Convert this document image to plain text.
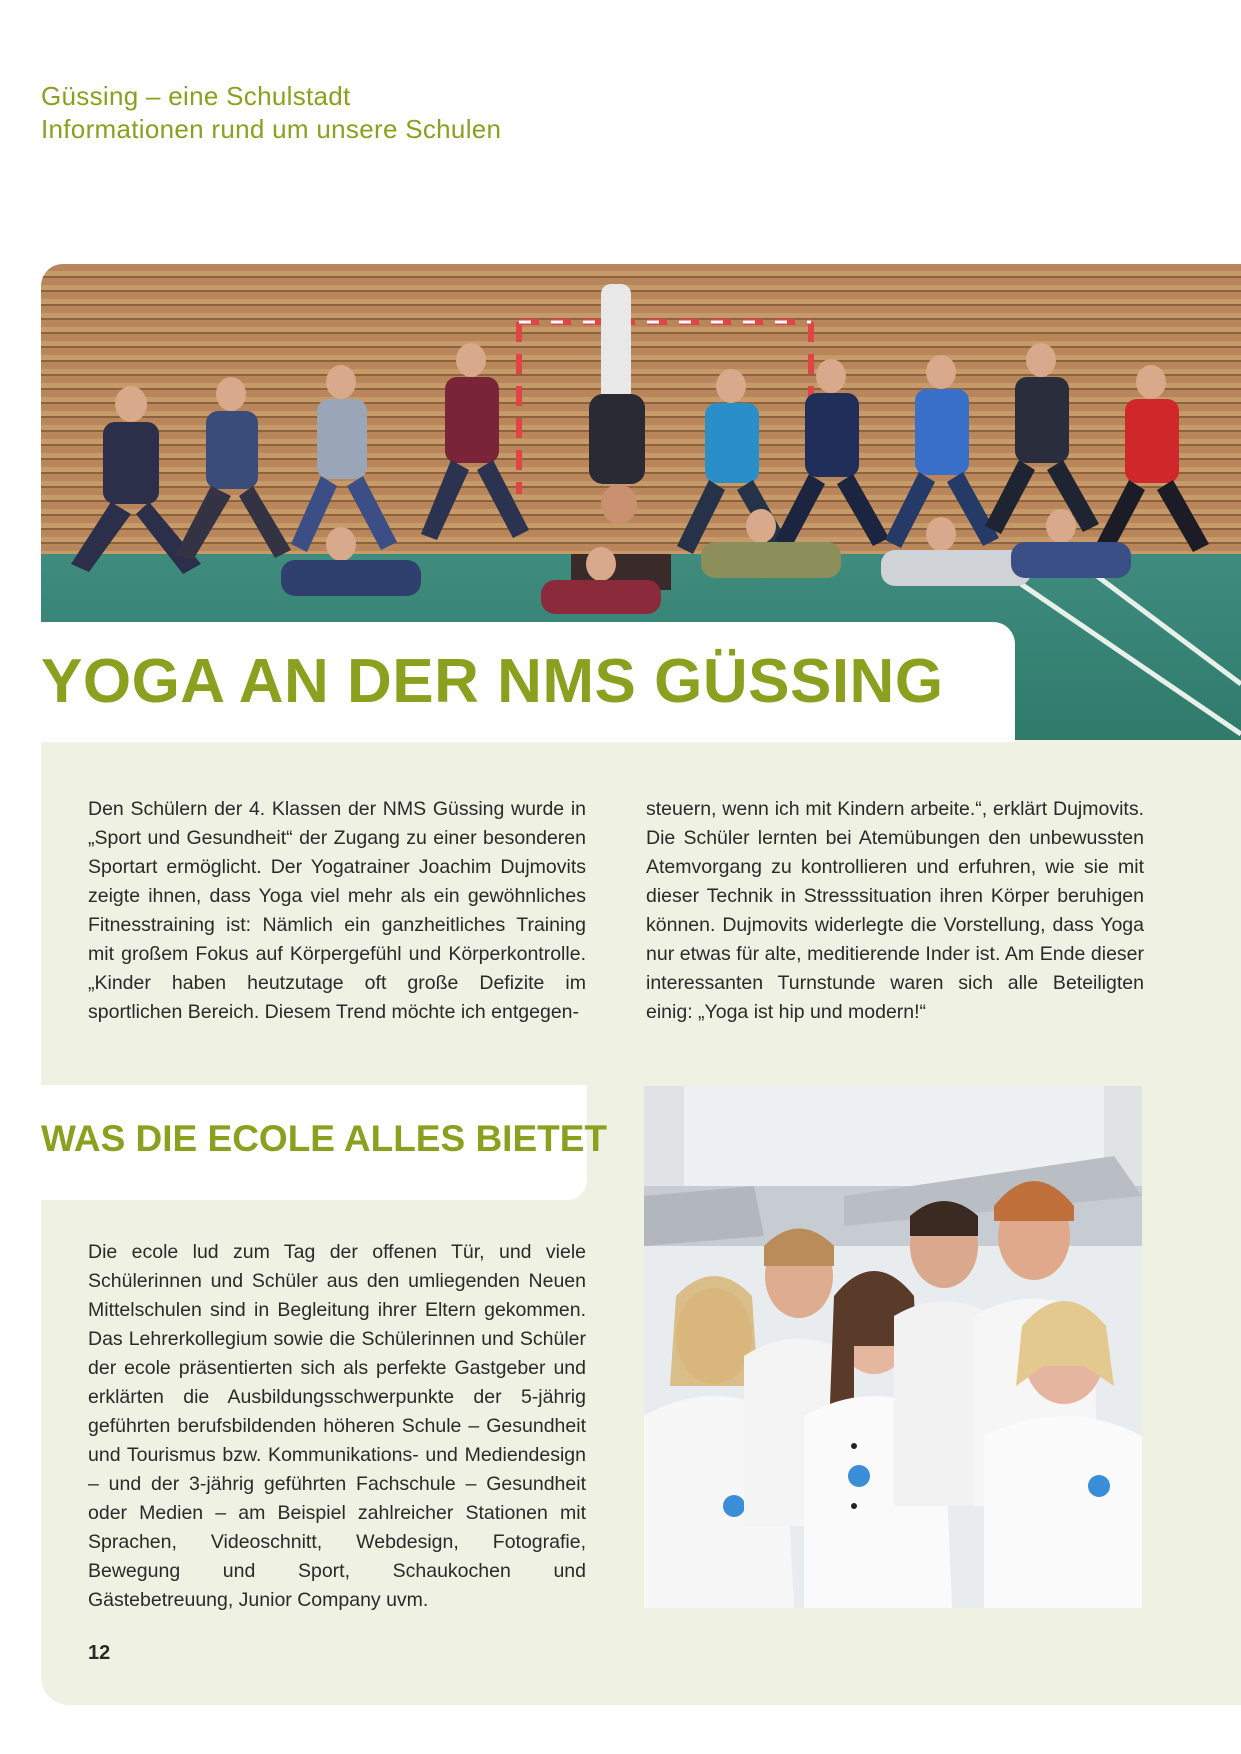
Güssing – eine Schulstadt
Informationen rund um unsere Schulen
YOGA AN DER NMS GÜSSING

Den Schülern der 4. Klassen der NMS Güssing wurde in „Sport und Gesundheit“ der Zugang zu einer besonderen Sportart ermöglicht. Der Yogatrainer Joachim Dujmovits zeigte ihnen, dass Yoga viel mehr als ein gewöhnliches Fitnesstraining ist: Nämlich ein ganzheitliches Training mit großem Fokus auf Körpergefühl und Körperkontrolle. „Kinder haben heutzutage oft große Defizite im sportlichen Bereich. Diesem Trend möchte ich entgegen-

steuern, wenn ich mit Kindern arbeite.“, erklärt Dujmovits. Die Schüler lernten bei Atemübungen den unbewussten Atemvorgang zu kontrollieren und erfuhren, wie sie mit dieser Technik in Stresssituation ihren Körper beruhigen können. Dujmovits widerlegte die Vorstellung, dass Yoga nur etwas für alte, meditierende Inder ist. Am Ende dieser interessanten Turnstunde waren sich alle Beteiligten einig: „Yoga ist hip und modern!“

WAS DIE ECOLE ALLES BIETET

Die ecole lud zum Tag der offenen Tür, und viele Schülerinnen und Schüler aus den umliegenden Neuen Mittelschulen sind in Begleitung ihrer Eltern gekommen. Das Lehrerkollegium sowie die Schülerinnen und Schüler der ecole präsentierten sich als perfekte Gastgeber und erklärten die Ausbildungsschwerpunkte der 5-jährig geführten berufsbildenden höheren Schule – Gesundheit und Tourismus bzw. Kommunikations- und Mediendesign – und der 3-jährig geführten Fachschule – Gesundheit oder Medien – am Beispiel zahlreicher Stationen mit Sprachen, Videoschnitt, Webdesign, Fotografie, Bewegung und Sport, Schaukochen und Gästebetreuung, Junior Company uvm.

12
